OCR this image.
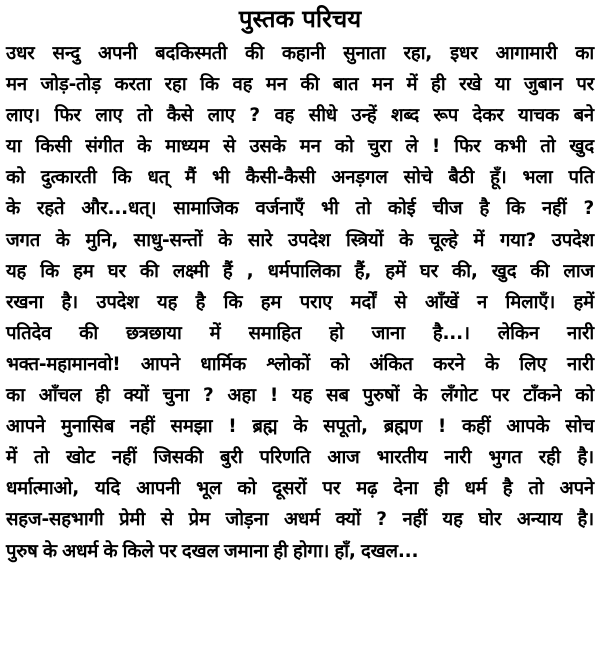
पुस्तक परिचय
उधर सन्दु अपनी बदकिस्मती की कहानी सुनाता रहा, इधर आगामारी का
मन जोड़-तोड़ करता रहा कि वह मन की बात मन में ही रखे या जुबान पर
लाए। फिर लाए तो कैसे लाए ? वह सीधे उन्हें शब्द रूप देकर याचक बने
या किसी संगीत के माध्यम से उसके मन को चुरा ले ! फिर कभी तो खुद
को दुत्कारती कि धत् मैं भी कैसी-कैसी अनड़गल सोचे बैठी हूँ। भला पति
के रहते और...धत्। सामाजिक वर्जनाएँ भी तो कोई चीज है कि नहीं ?
जगत के मुनि, साधु-सन्तों के सारे उपदेश स्त्रियों के चूल्हे में गया? उपदेश
यह कि हम घर की लक्ष्मी हैं , धर्मपालिका हैं, हमें घर की, खुद की लाज
रखना है। उपदेश यह है कि हम पराए मर्दों से आँखें न मिलाएँ। हमें
पतिदेव की छत्रछाया में समाहित हो जाना है...। लेकिन नारी
भक्त-महामानवो! आपने धार्मिक श्लोकों को अंकित करने के लिए नारी
का आँचल ही क्यों चुना ? अहा ! यह सब पुरुषों के लँगोट पर टाँकने को
आपने मुनासिब नहीं समझा ! ब्रह्म के सपूतो, ब्रह्मण ! कहीं आपके सोच
में तो खोट नहीं जिसकी बुरी परिणति आज भारतीय नारी भुगत रही है।
धर्मात्माओ, यदि आपनी भूल को दूसरों पर मढ़ देना ही धर्म है तो अपने
सहज-सहभागी प्रेमी से प्रेम जोड़ना अधर्म क्यों ? नहीं यह घोर अन्याय है।
पुरुष के अधर्म के किले पर दखल जमाना ही होगा। हाँ, दखल...
